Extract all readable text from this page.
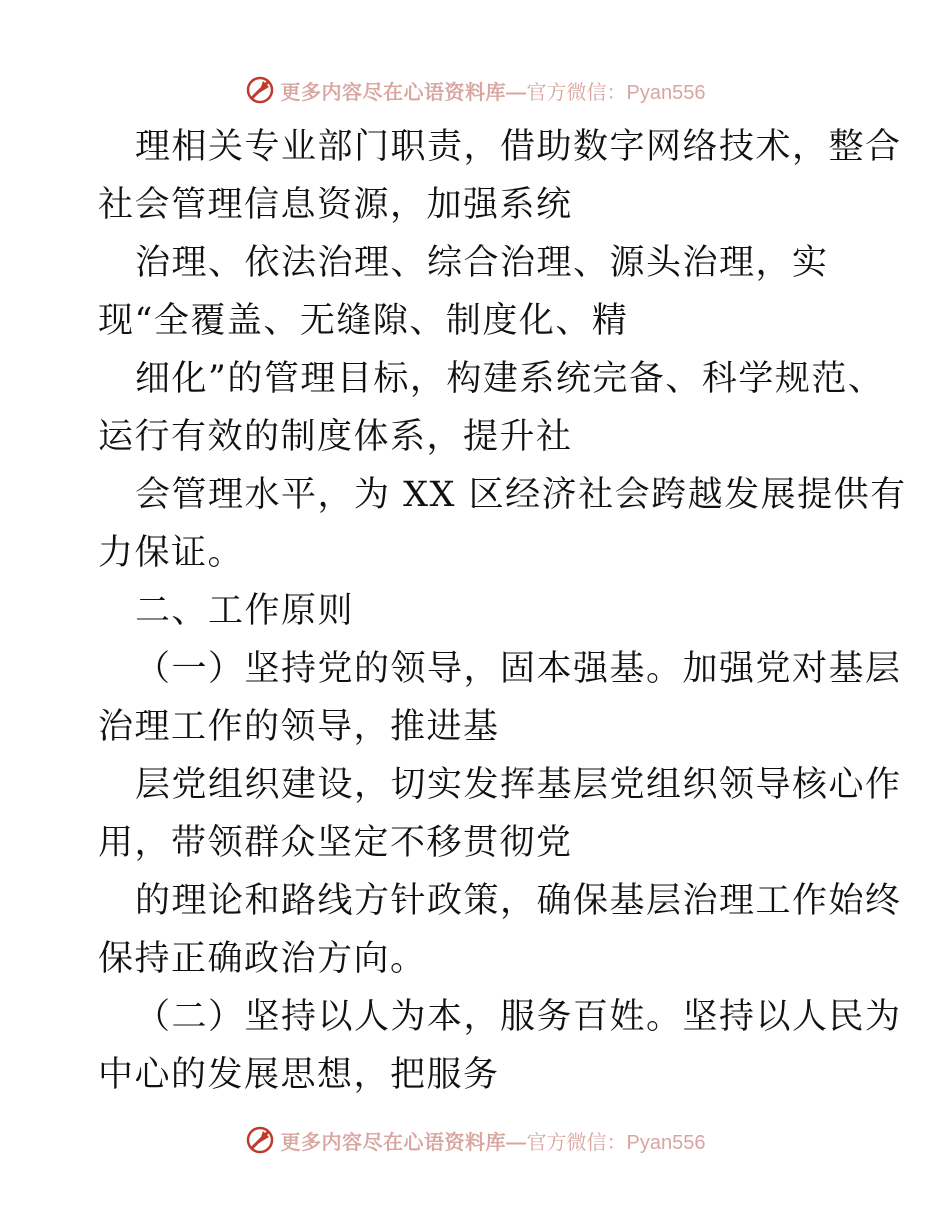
更多内容尽在心语资料库— 官方微信：Pyan556
理相关专业部门职责，借助数字网络技术，整合
社会管理信息资源，加强系统
治理、依法治理、综合治理、源头治理，实
现“全覆盖、无缝隙、制度化、精
细化”的管理目标，构建系统完备、科学规范、
运行有效的制度体系，提升社
会管理水平，为 XX 区经济社会跨越发展提供有
力保证。
二、工作原则
（一）坚持党的领导，固本强基。加强党对基层
治理工作的领导，推进基
层党组织建设，切实发挥基层党组织领导核心作
用，带领群众坚定不移贯彻党
的理论和路线方针政策，确保基层治理工作始终
保持正确政治方向。
（二）坚持以人为本，服务百姓。坚持以人民为
中心的发展思想，把服务
更多内容尽在心语资料库— 官方微信：Pyan556
